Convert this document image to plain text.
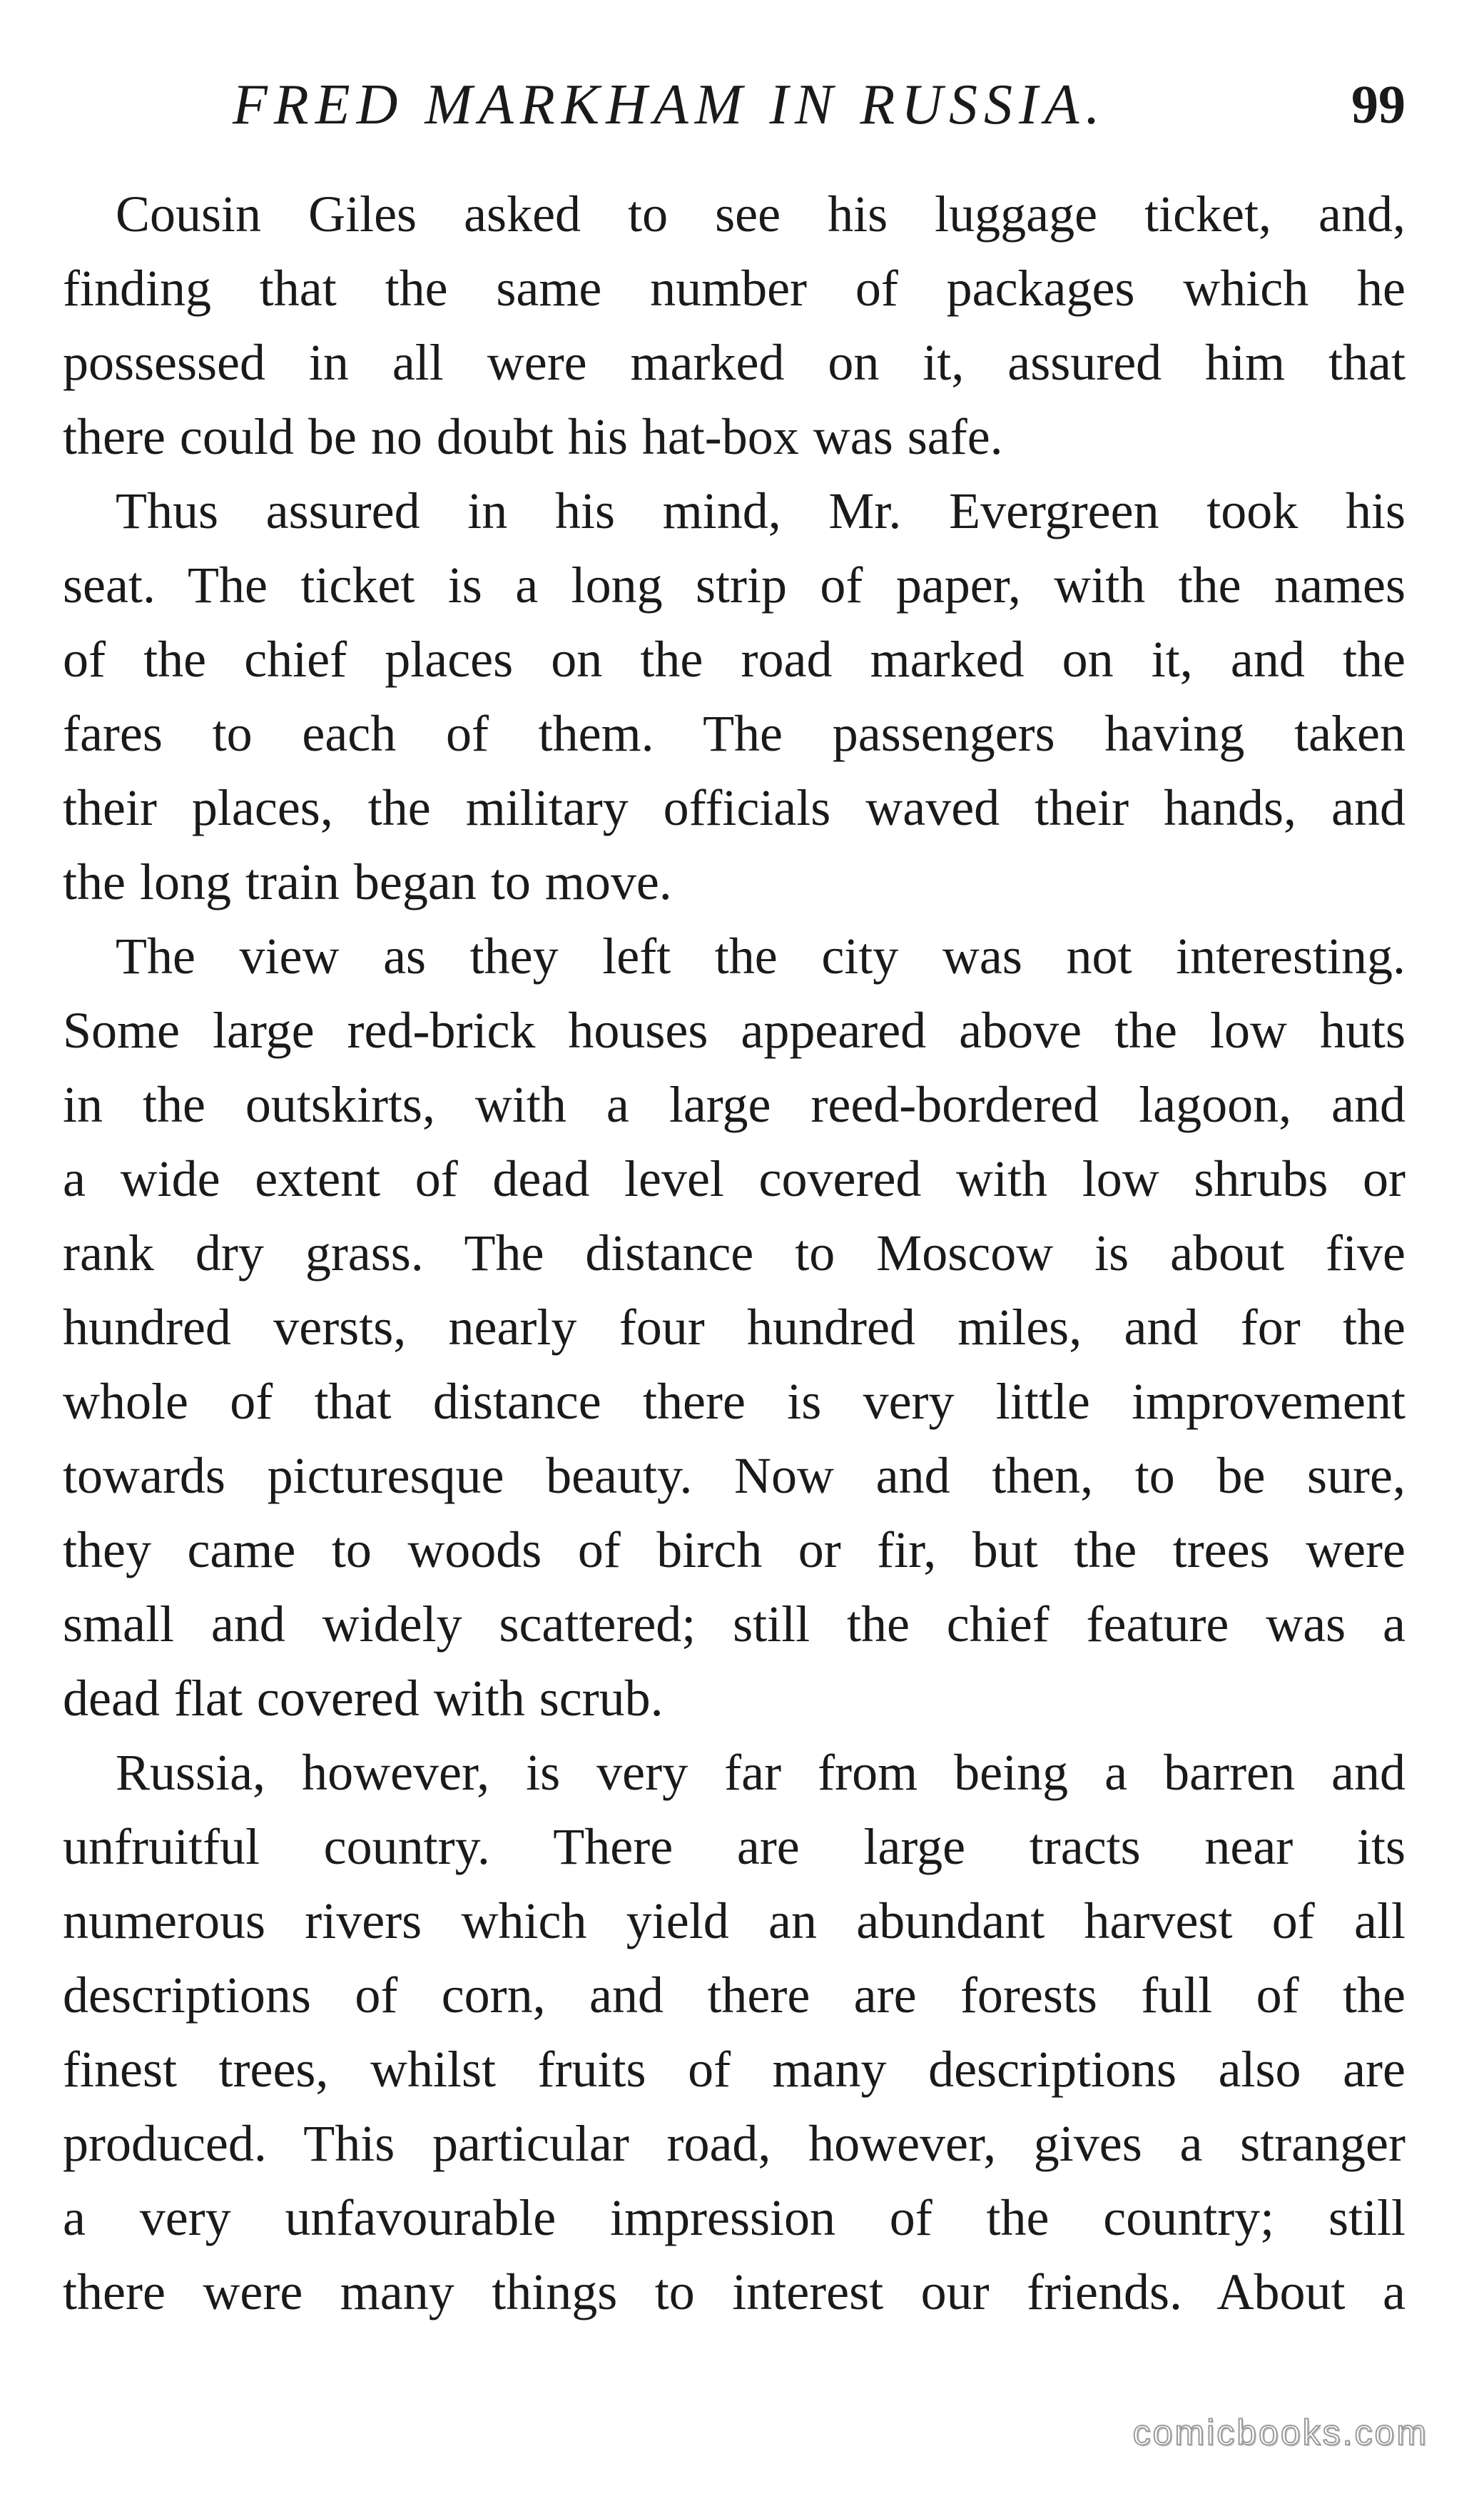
FRED MARKHAM IN RUSSIA.	99

Cousin Giles asked to see his luggage ticket, and,
finding that the same number of packages which he
possessed in all were marked on it, assured him that
there could be no doubt his hat-box was safe.

Thus assured in his mind, Mr. Evergreen took his
seat. The ticket is a long strip of paper, with the names
of the chief places on the road marked on it, and the
fares to each of them. The passengers having taken
their places, the military officials waved their hands, and
the long train began to move.

The view as they left the city was not interesting.
Some large red-brick houses appeared above the low huts
in the outskirts, with a large reed-bordered lagoon, and
a wide extent of dead level covered with low shrubs or
rank dry grass. The distance to Moscow is about five
hundred versts, nearly four hundred miles, and for the
whole of that distance there is very little improvement
towards picturesque beauty. Now and then, to be sure,
they came to woods of birch or fir, but the trees were
small and widely scattered; still the chief feature was a
dead flat covered with scrub.

Russia, however, is very far from being a barren and
unfruitful country. There are large tracts near its
numerous rivers which yield an abundant harvest of all
descriptions of corn, and there are forests full of the
finest trees, whilst fruits of many descriptions also are
produced. This particular road, however, gives a stranger
a very unfavourable impression of the country; still
there were many things to interest our friends. About a

comicbooks.com
